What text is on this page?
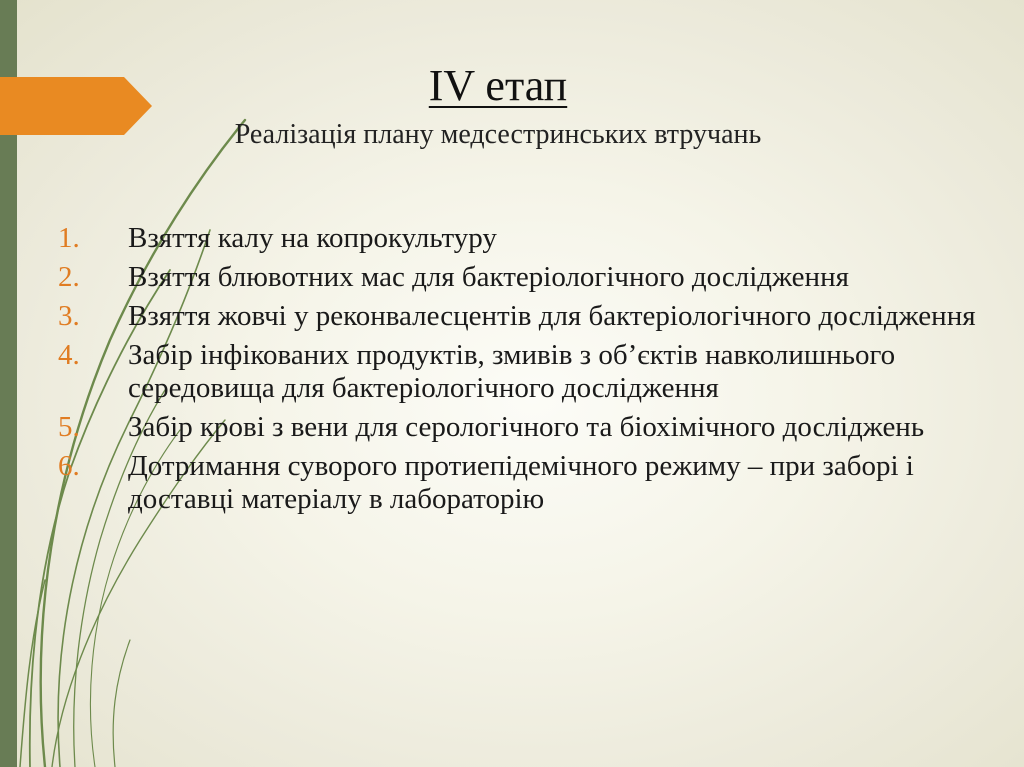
IV етап
Реалізація плану медсестринських втручань
1. Взяття калу на копрокультуру
2. Взяття блювотних мас для бактеріологічного дослідження
3. Взяття жовчі у реконвалесцентів для бактеріологічного дослідження
4. Забір інфікованих продуктів, змивів з об’єктів навколишнього середовища для бактеріологічного дослідження
5. Забір крові з вени для серологічного та біохімічного досліджень
6. Дотримання суворого протиепідемічного режиму – при заборі і доставці матеріалу в лабораторію
